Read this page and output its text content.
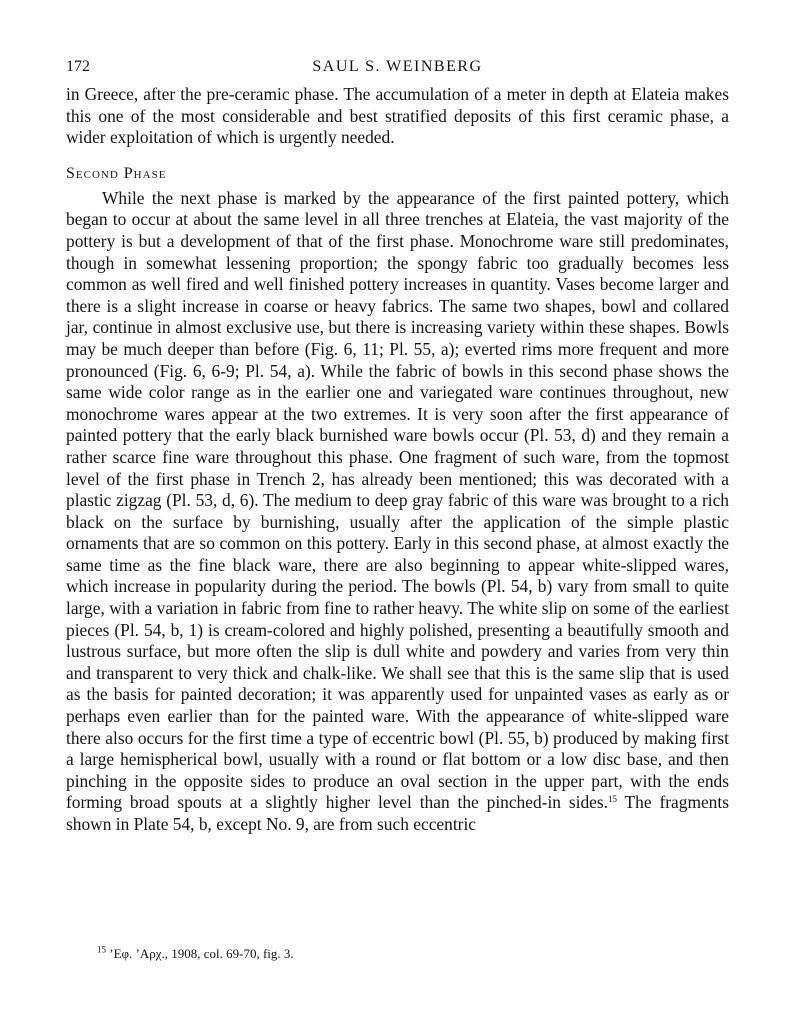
172	SAUL S. WEINBERG

in Greece, after the pre-ceramic phase. The accumulation of a meter in depth at Elateia makes this one of the most considerable and best stratified deposits of this first ceramic phase, a wider exploitation of which is urgently needed.

Second Phase

While the next phase is marked by the appearance of the first painted pottery, which began to occur at about the same level in all three trenches at Elateia, the vast majority of the pottery is but a development of that of the first phase. Monochrome ware still predominates, though in somewhat lessening proportion; the spongy fabric too gradually becomes less common as well fired and well finished pottery increases in quantity. Vases become larger and there is a slight increase in coarse or heavy fabrics. The same two shapes, bowl and collared jar, continue in almost exclusive use, but there is increasing variety within these shapes. Bowls may be much deeper than before (Fig. 6, 11; Pl. 55, a); everted rims more frequent and more pronounced (Fig. 6, 6-9; Pl. 54, a). While the fabric of bowls in this second phase shows the same wide color range as in the earlier one and variegated ware continues throughout, new monochrome wares appear at the two extremes. It is very soon after the first appearance of painted pottery that the early black burnished ware bowls occur (Pl. 53, d) and they remain a rather scarce fine ware throughout this phase. One fragment of such ware, from the topmost level of the first phase in Trench 2, has already been mentioned; this was decorated with a plastic zigzag (Pl. 53, d, 6). The medium to deep gray fabric of this ware was brought to a rich black on the surface by burnishing, usually after the application of the simple plastic ornaments that are so common on this pottery. Early in this second phase, at almost exactly the same time as the fine black ware, there are also beginning to appear white-slipped wares, which increase in popularity during the period. The bowls (Pl. 54, b) vary from small to quite large, with a variation in fabric from fine to rather heavy. The white slip on some of the earliest pieces (Pl. 54, b, 1) is cream-colored and highly polished, presenting a beautifully smooth and lustrous surface, but more often the slip is dull white and powdery and varies from very thin and transparent to very thick and chalk-like. We shall see that this is the same slip that is used as the basis for painted decoration; it was apparently used for unpainted vases as early as or perhaps even earlier than for the painted ware. With the appearance of white-slipped ware there also occurs for the first time a type of eccentric bowl (Pl. 55, b) produced by making first a large hemispherical bowl, usually with a round or flat bottom or a low disc base, and then pinching in the opposite sides to produce an oval section in the upper part, with the ends forming broad spouts at a slightly higher level than the pinched-in sides.$^{15}$ The fragments shown in Plate 54, b, except No. 9, are from such eccentric

$^{15}$ ’Eφ. ’Aρχ., 1908, col. 69-70, fig. 3.
